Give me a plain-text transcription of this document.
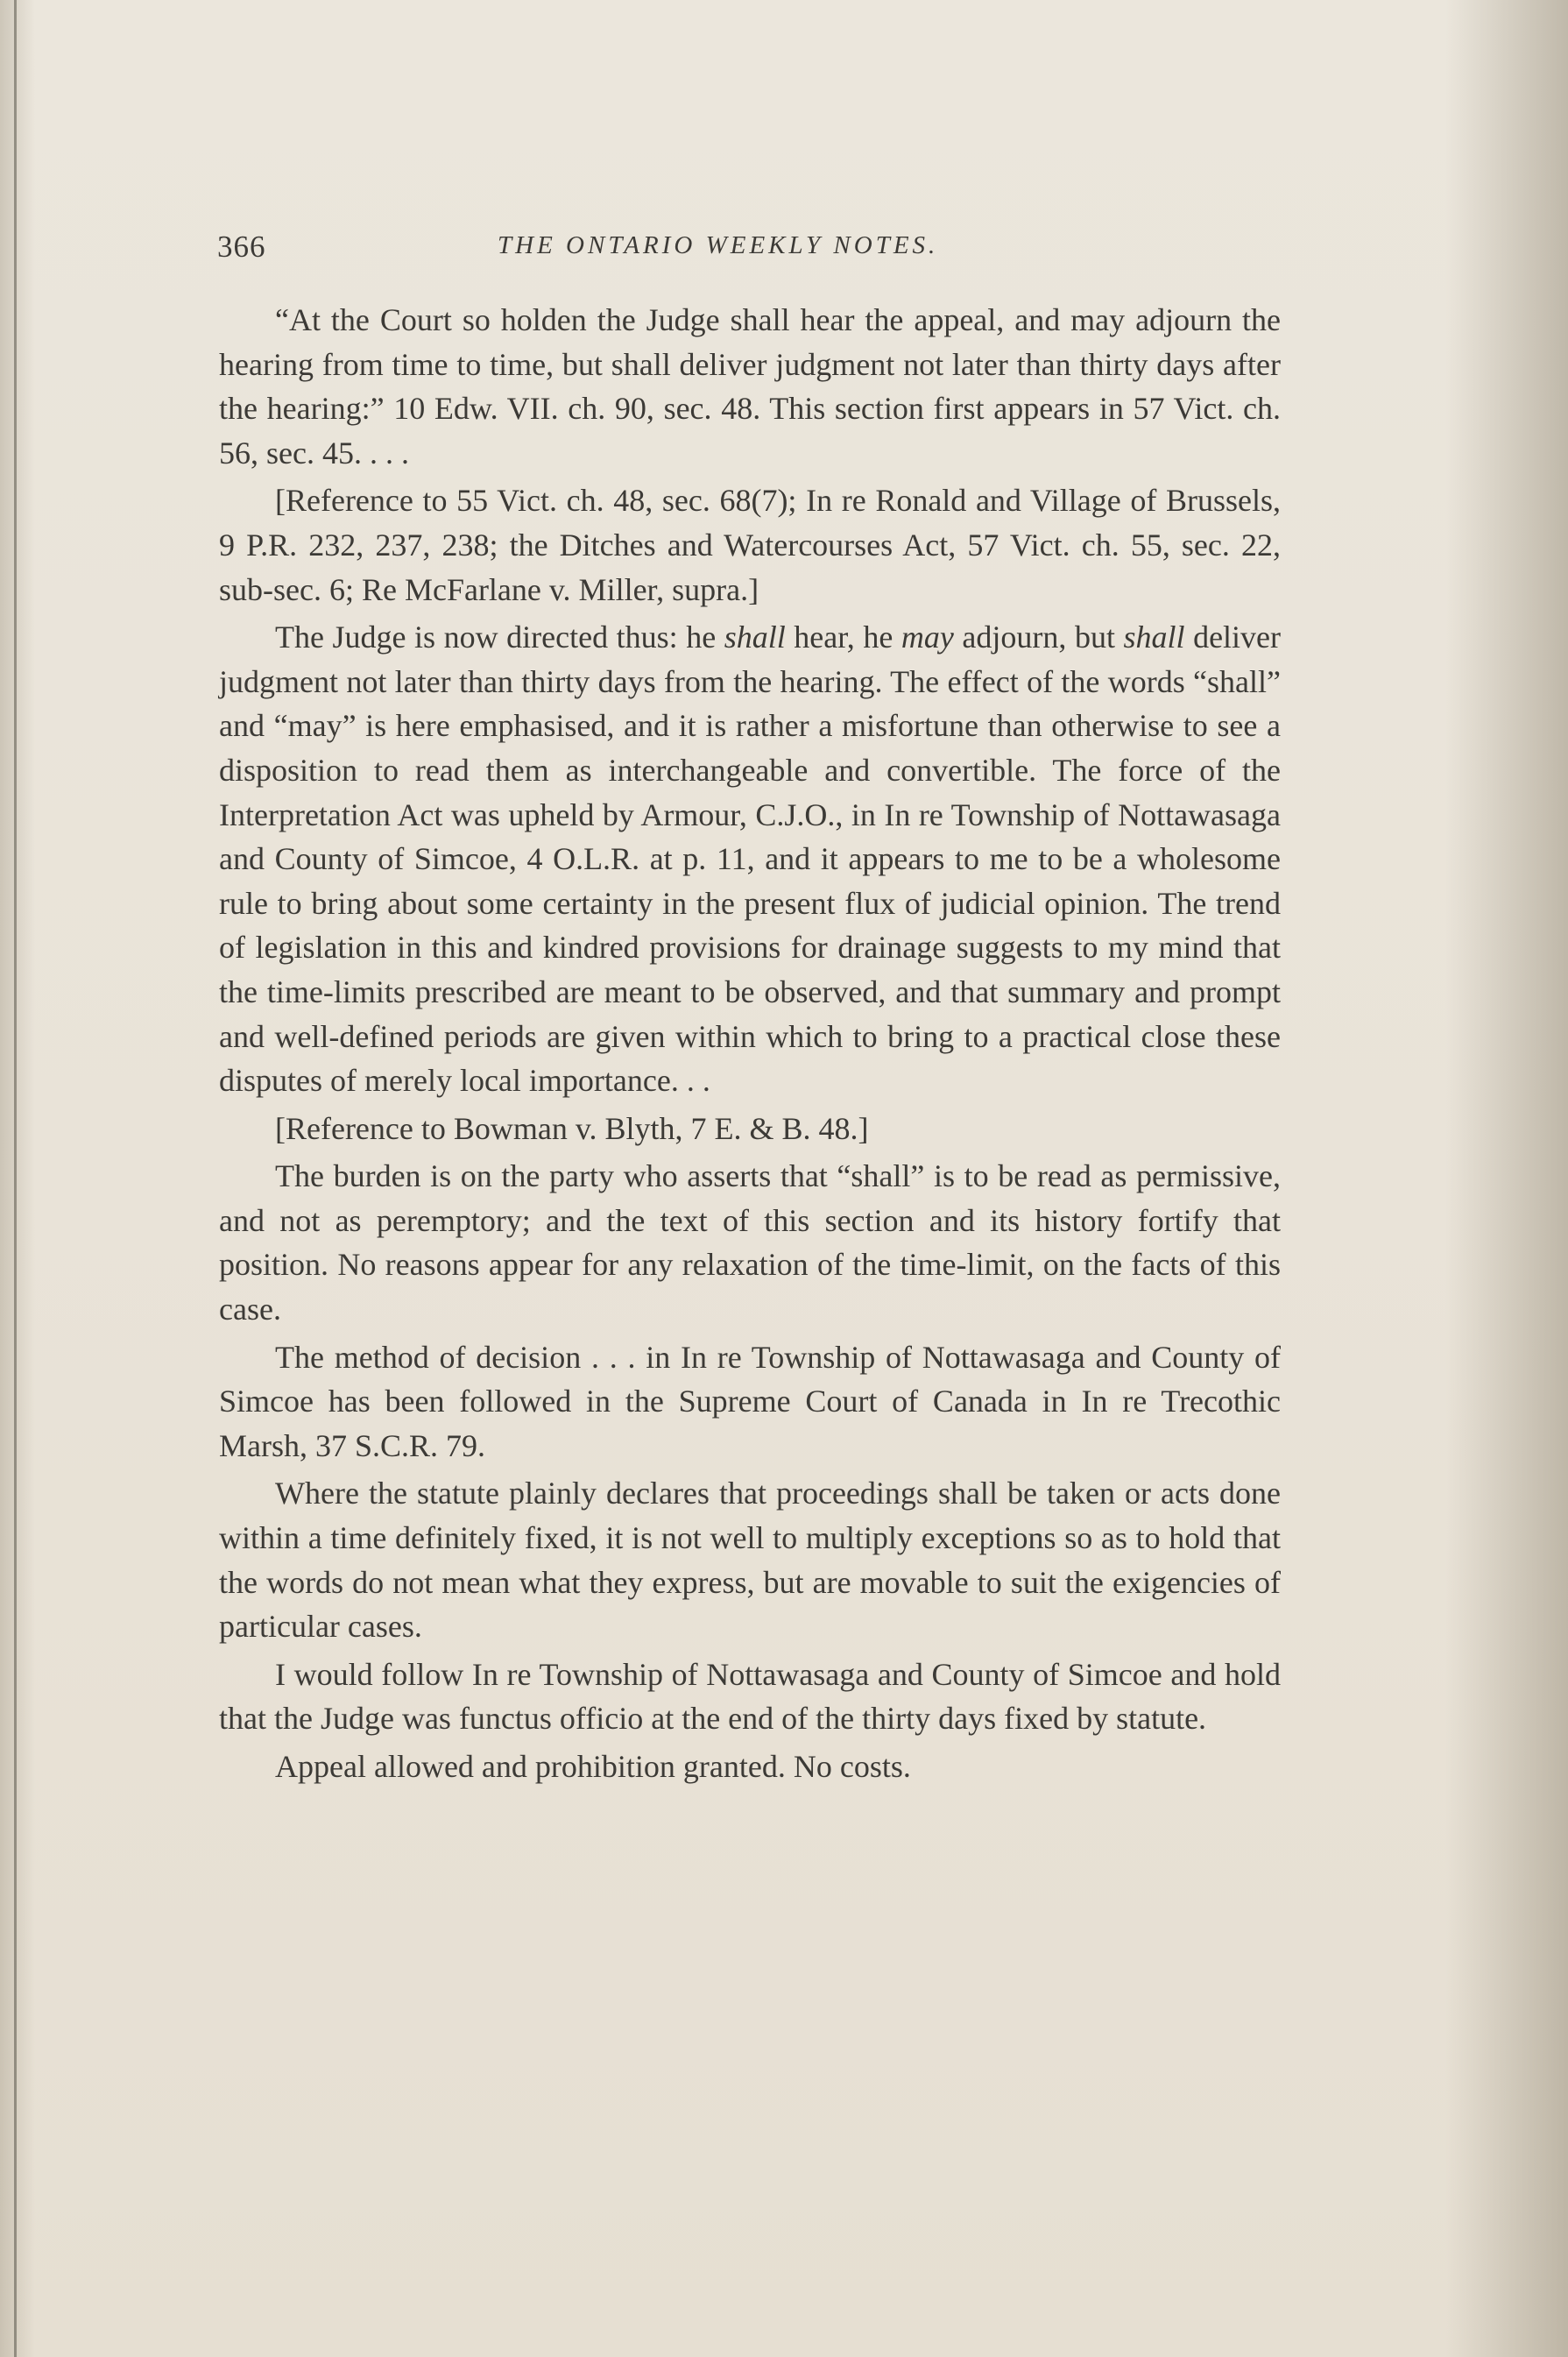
366	THE ONTARIO WEEKLY NOTES.

“At the Court so holden the Judge shall hear the appeal, and may adjourn the hearing from time to time, but shall deliver judgment not later than thirty days after the hearing:” 10 Edw. VII. ch. 90, sec. 48. This section first appears in 57 Vict. ch. 56, sec. 45. . . .

[Reference to 55 Vict. ch. 48, sec. 68(7); In re Ronald and Village of Brussels, 9 P.R. 232, 237, 238; the Ditches and Watercourses Act, 57 Vict. ch. 55, sec. 22, sub-sec. 6; Re McFarlane v. Miller, supra.]

The Judge is now directed thus: he shall hear, he may adjourn, but shall deliver judgment not later than thirty days from the hearing. The effect of the words “shall” and “may” is here emphasised, and it is rather a misfortune than otherwise to see a disposition to read them as interchangeable and convertible. The force of the Interpretation Act was upheld by Armour, C.J.O., in In re Township of Nottawasaga and County of Simcoe, 4 O.L.R. at p. 11, and it appears to me to be a wholesome rule to bring about some certainty in the present flux of judicial opinion. The trend of legislation in this and kindred provisions for drainage suggests to my mind that the time-limits prescribed are meant to be observed, and that summary and prompt and well-defined periods are given within which to bring to a practical close these disputes of merely local importance. . .

[Reference to Bowman v. Blyth, 7 E. & B. 48.]

The burden is on the party who asserts that “shall” is to be read as permissive, and not as peremptory; and the text of this section and its history fortify that position. No reasons appear for any relaxation of the time-limit, on the facts of this case.

The method of decision . . . in In re Township of Nottawasaga and County of Simcoe has been followed in the Supreme Court of Canada in In re Trecothic Marsh, 37 S.C.R. 79.

Where the statute plainly declares that proceedings shall be taken or acts done within a time definitely fixed, it is not well to multiply exceptions so as to hold that the words do not mean what they express, but are movable to suit the exigencies of particular cases.

I would follow In re Township of Nottawasaga and County of Simcoe and hold that the Judge was functus officio at the end of the thirty days fixed by statute.

Appeal allowed and prohibition granted. No costs.
